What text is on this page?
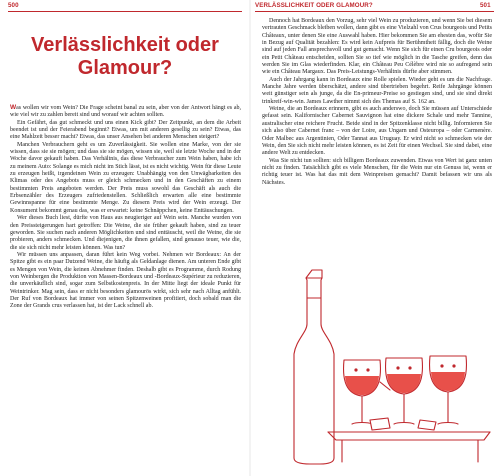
500
Verlässlichkeit oder Glamour?

Was wollen wir vom Wein? Die Frage scheint banal zu sein, aber von der Antwort hängt es ab, wie viel wir zu zahlen bereit sind und worauf wir achten sollten.

Ein Gefährt, das gut schmeckt und uns einen Kick gibt? Der Zeitpunkt, an dem die Arbeit beendet ist und der Feierabend beginnt? Etwas, um mit anderen gesellig zu sein? Etwas, das eine Mahlzeit besser macht? Etwas, das unser Ansehen bei anderen Menschen steigert?

Manchen Verbrauchern geht es um Zuverlässigkeit. Sie wollen eine Marke, von der sie wissen, dass sie sie mögen; und dass sie sie mögen, wissen sie, weil sie letzte Woche und in der Woche davor gekauft haben. Das Verhältnis, das diese Verbraucher zum Wein haben, habe ich zu meinem Auto: Solange es mich nicht im Stich lässt, ist es nicht wichtig. Wein für diese Leute zu erzeugen heißt, irgendeinen Wein zu erzeugen: Unabhängig von den Unwägbarkeiten des Klimas oder des Angebots muss er gleich schmecken und in den Geschäften zu einem bestimmten Preis angeboten werden. Der Preis muss sowohl das Geschäft als auch die Erbsenzähler des Erzeugers zufriedenstellen. Schließlich erwarten alle eine bestimmte Gewinnspanne für eine bestimmte Menge. Zu diesem Preis wird der Wein erzeugt. Der Konsument bekommt genau das, was er erwartet: keine Schnäppchen, keine Enttäuschungen.

Wer dieses Buch liest, dürfte von Haus aus neugieriger auf Wein sein. Manche wurden von den Preissteigerungen hart getroffen: Die Weine, die sie früher gekauft haben, sind zu teuer geworden. Sie suchen nach anderen Möglichkeiten und sind enttäuscht, weil die Weine, die sie probieren, anders schmecken. Und diejenigen, die ihnen gefallen, sind genauso teuer, wie die, die sie sich nicht mehr leisten können. Was tun?

Wir müssen uns anpassen, daran führt kein Weg vorbei. Nehmen wir Bordeaux: An der Spitze gibt es ein paar Dutzend Weine, die häufig als Geldanlage dienen. Am unteren Ende gibt es Mengen von Wein, die keinen Abnehmer finden. Deshalb gibt es Programme, durch Rodung von Weinbergen die Produktion von Massen-Bordeaux und -Bordeaux-Supérieur zu reduzieren, die unverkäuflich sind, sogar zum Selbstkostenpreis. In der Mitte liegt der ideale Punkt für Weintrinker. Mag sein, dass er nicht besonders glamourös wirkt, sich sehr nach Alltag anfühlt. Der Ruf von Bordeaux hat immer von seinen Spitzenweinen profitiert, doch sobald man die Zone der Grands crus verlassen hat, ist der Lack schnell ab.

VERLÄSSLICHKEIT ODER GLAMOUR?	501

Dennoch hat Bordeaux den Vorzug, sehr viel Wein zu produzieren, und wenn Sie bei diesem vertrauten Geschmack bleiben wollen, dann gibt es eine Vielzahl von Crus bourgeois und Petits Châteaux, unter denen Sie eine Auswahl haben. Hier bekommen Sie am ehesten das, wofür Sie in Bezug auf Qualität bezahlen: Es wird kein Aufpreis für Berühmtheit fällig, doch die Weine sind auf jeden Fall ansprechsvoll und gut gemacht. Wenn Sie sich für einen Cru bourgeois oder ein Petit Château entscheiden, sollten Sie so tief wie möglich in die Tasche greifen, denn das werden Sie im Glas wiederfinden. Klar, ein Château Peu Célèbre wird nie so aufregend sein wie ein Château Margaux. Das Preis-Leistungs-Verhältnis dürfte aber stimmen.

Auch der Jahrgang kann in Bordeaux eine Rolle spielen. Wieder geht es um die Nachfrage. Manche Jahre werden überschätzt, andere sind übertrieben begehrt. Reife Jahrgänge können weit günstiger sein als junge, da die En-primeur-Preise so gestiegen sind, und sie sind direkt trinkreif-win-win. James Lawther nimmt sich des Themas auf S. 162 an.

Weine, die an Bordeaux erinnern, gibt es auch anderswo, doch Sie müssen auf Unterschiede gefasst sein. Kalifornischer Cabernet Sauvignon hat eine dickere Schale und mehr Tannine, australischer eine reichere Frucht. Beide sind in der Spitzenklasse nicht billig. Informieren Sie sich also über Cabernet franc – von der Loire, aus Ungarn und Osteuropa – oder Carmenère. Oder Malbec aus Argentinien, Oder Tannat aus Uruguay. Er wird nicht so schmecken wie der Wein, den Sie sich nicht mehr leisten können, es ist Zeit für einen Wechsel. Sie sind dabei, eine andere Welt zu entdecken.

Was Sie nicht tun sollten: sich billigem Bordeaux zuwenden. Etwas von Wert ist ganz unten nicht zu finden. Tatsächlich gibt es viele Menschen, für die Wein nur ein Genuss ist, wenn er richtig teuer ist. Was hat das mit dem Weinpreisen gemacht? Damit befassen wir uns als Nächstes.
